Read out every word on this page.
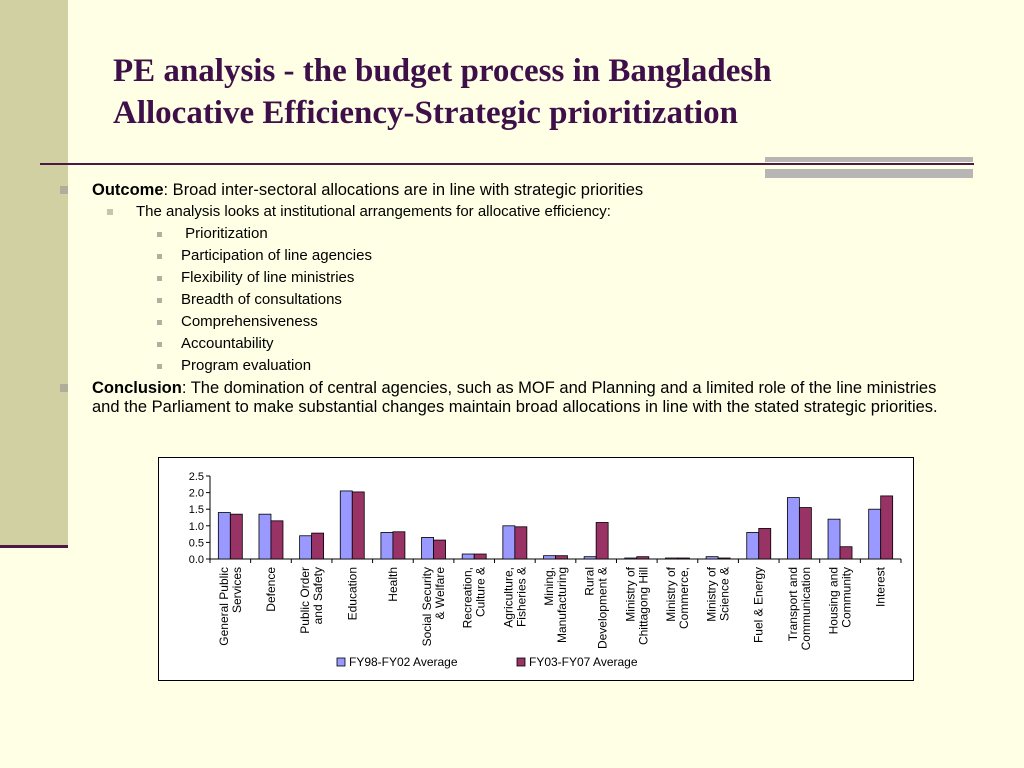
PE analysis - the budget process in Bangladesh
Allocative Efficiency-Strategic prioritization
Outcome: Broad inter-sectoral allocations are in line with strategic priorities
The analysis looks at institutional arrangements for allocative efficiency:
Prioritization
Participation of line agencies
Flexibility of line ministries
Breadth of consultations
Comprehensiveness
Accountability
Program evaluation
Conclusion: The domination of central agencies, such as MOF and Planning and a limited role of the line ministries and the Parliament to make substantial changes maintain broad allocations in line with the stated strategic priorities.
0.0
0.5
1.0
1.5
2.0
2.5
General PublicServices Defence Public Orderand Safety Education Health Social Security& Welfare Recreation,Culture & Agriculture,Fisheries & Mining,Manufacturing RuralDevelopment & Ministry ofChittagong Hill Ministry ofCommerce, Ministry ofScience & Fuel & Energy Transport andCommunication Housing andCommunity Interest
FY98-FY02 Average	FY03-FY07 Average
